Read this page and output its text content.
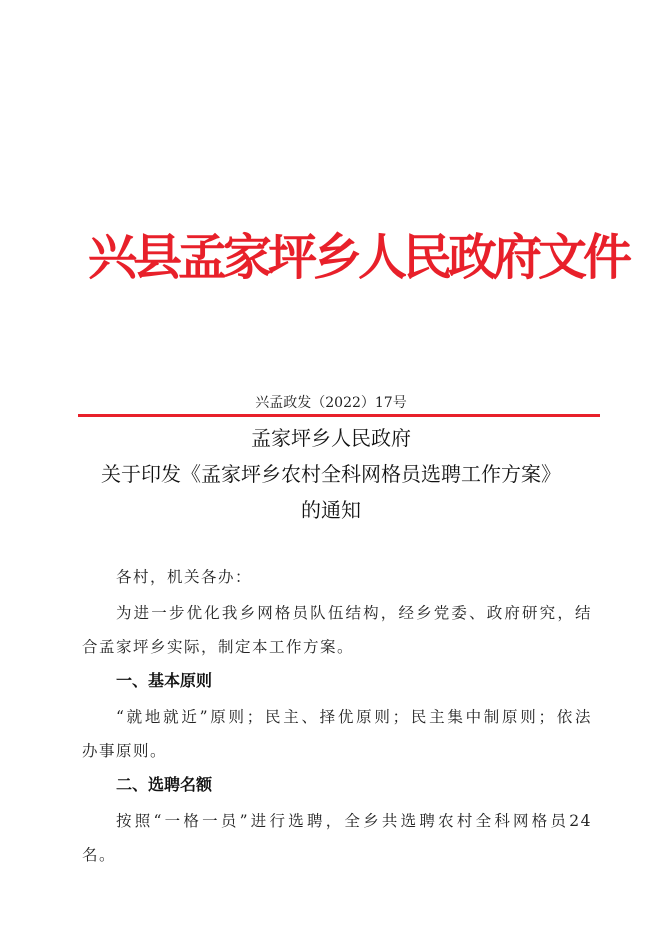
兴县孟家坪乡人民政府文件
兴孟政发（2022）17号
孟家坪乡人民政府
关于印发《孟家坪乡农村全科网格员选聘工作方案》
的通知
各村，机关各办：
为进一步优化我乡网格员队伍结构，经乡党委、政府研究，结
合孟家坪乡实际，制定本工作方案。
一、基本原则
“就地就近”原则；民主、择优原则；民主集中制原则；依法
办事原则。
二、选聘名额
按照“一格一员”进行选聘，全乡共选聘农村全科网格员24
名。
